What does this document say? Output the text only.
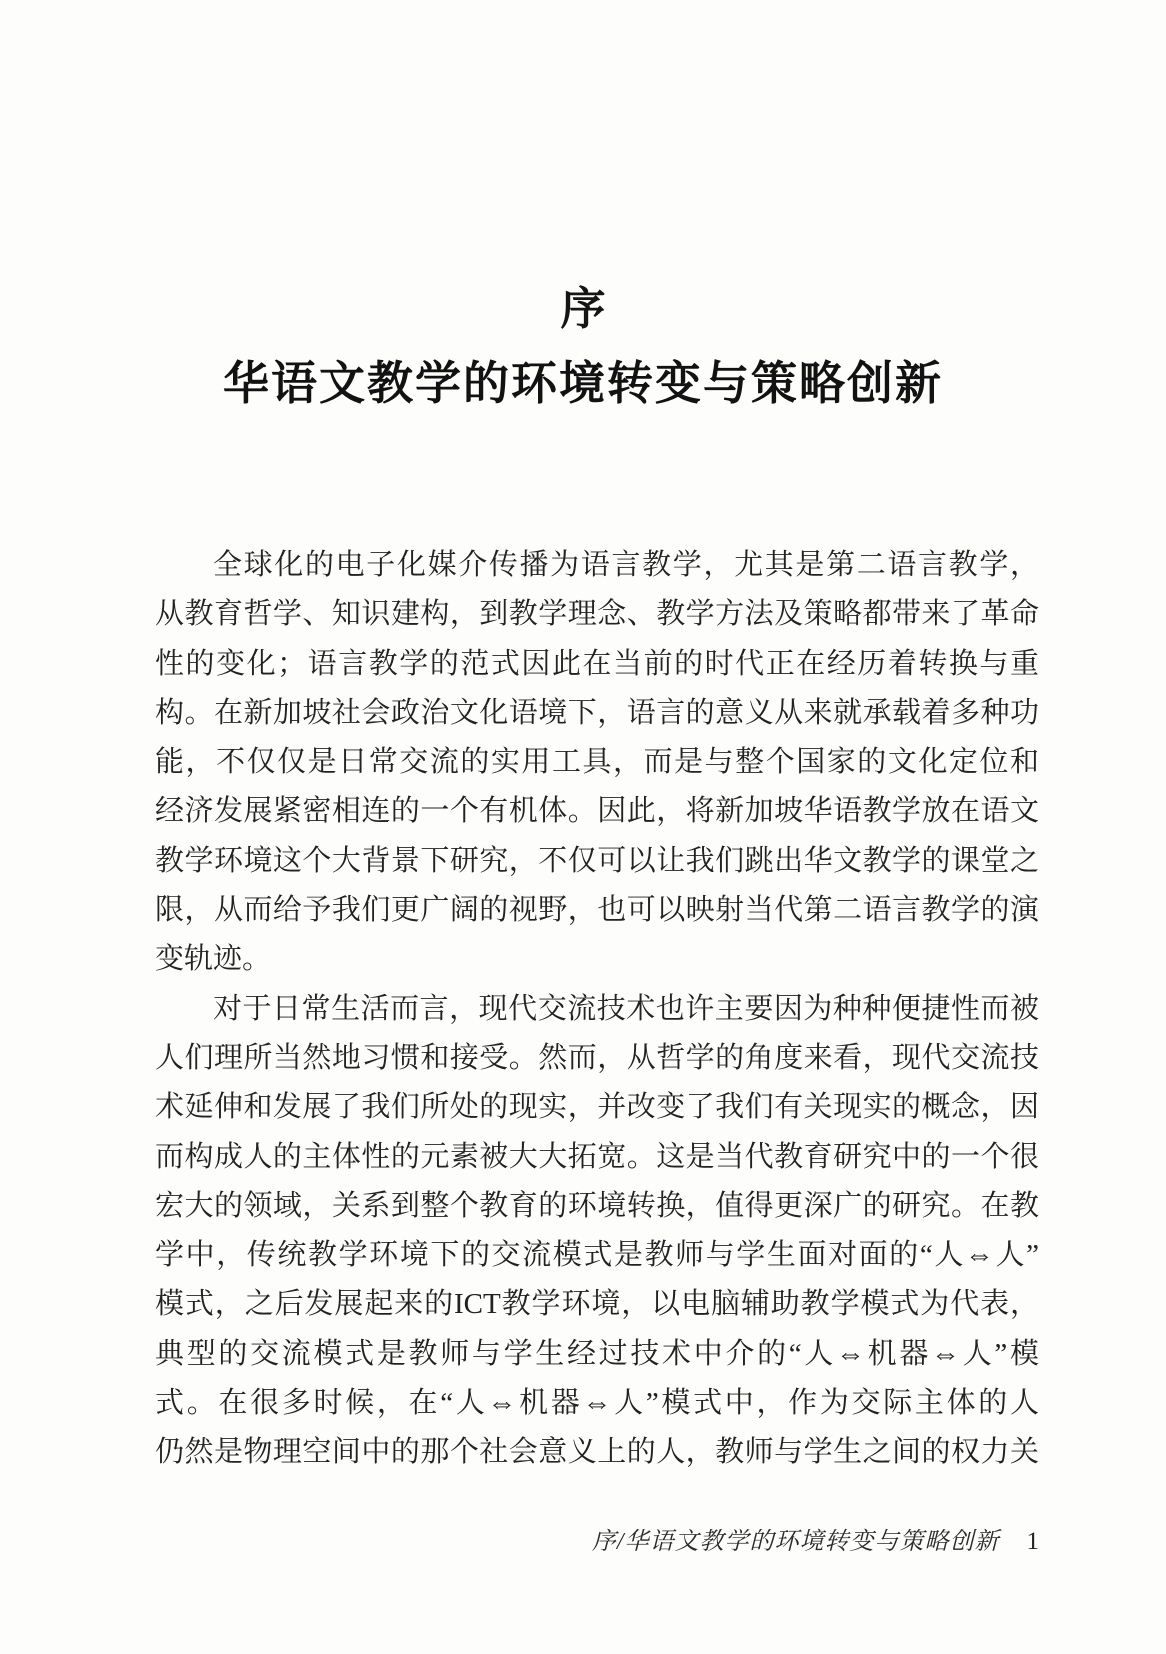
序
华语文教学的环境转变与策略创新
全球化的电子化媒介传播为语言教学，尤其是第二语言教学，
从教育哲学、知识建构，到教学理念、教学方法及策略都带来了革命
性的变化；语言教学的范式因此在当前的时代正在经历着转换与重
构。在新加坡社会政治文化语境下，语言的意义从来就承载着多种功
能，不仅仅是日常交流的实用工具，而是与整个国家的文化定位和
经济发展紧密相连的一个有机体。因此，将新加坡华语教学放在语文
教学环境这个大背景下研究，不仅可以让我们跳出华文教学的课堂之
限，从而给予我们更广阔的视野，也可以映射当代第二语言教学的演
变轨迹。
对于日常生活而言，现代交流技术也许主要因为种种便捷性而被
人们理所当然地习惯和接受。然而，从哲学的角度来看，现代交流技
术延伸和发展了我们所处的现实，并改变了我们有关现实的概念，因
而构成人的主体性的元素被大大拓宽。这是当代教育研究中的一个很
宏大的领域，关系到整个教育的环境转换，值得更深广的研究。在教
学中，传统教学环境下的交流模式是教师与学生面对面的“人⇔人”
模式，之后发展起来的ICT教学环境，以电脑辅助教学模式为代表，
典型的交流模式是教师与学生经过技术中介的“人⇔机器⇔人”模
式。在很多时候，在“人⇔机器⇔人”模式中，作为交际主体的人
仍然是物理空间中的那个社会意义上的人，教师与学生之间的权力关
序/华语文教学的环境转变与策略创新 1
